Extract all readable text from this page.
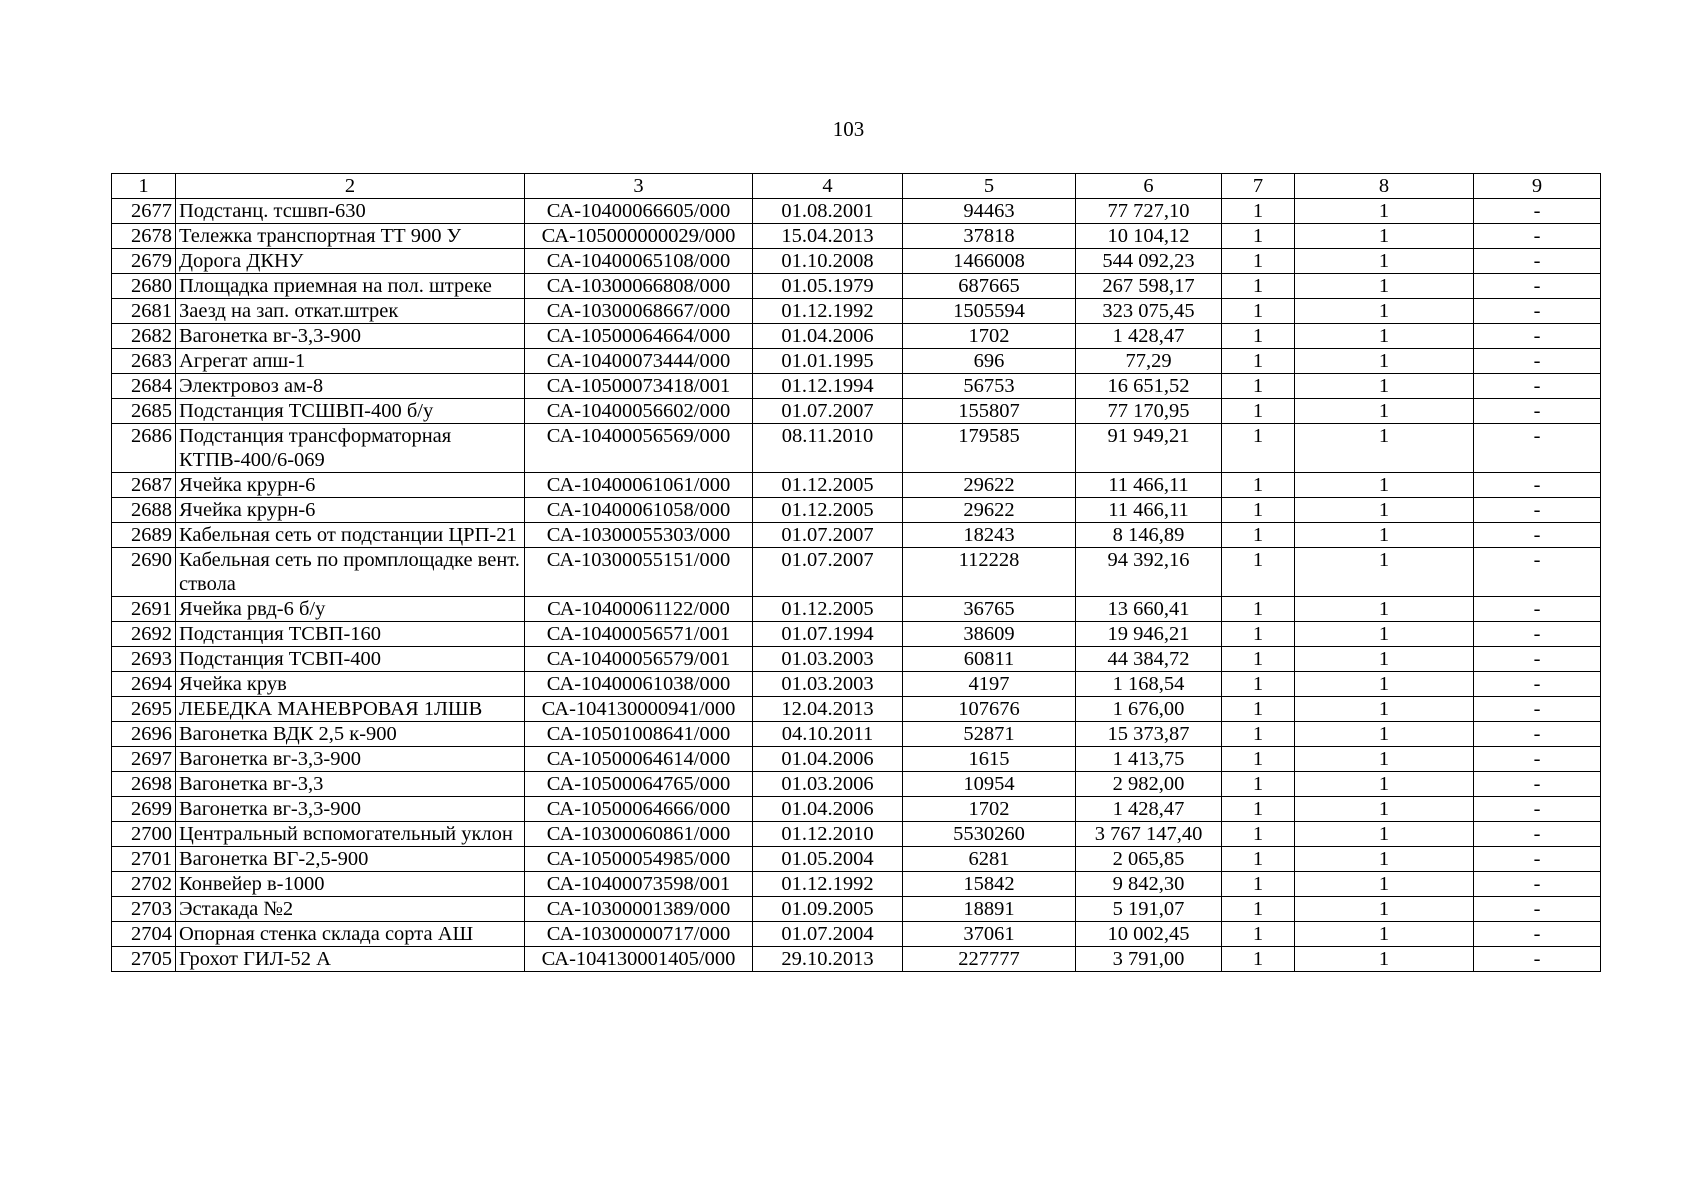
103
1	2	3	4	5	6	7	8	9
2677	Подстанц. тсшвп-630	СА-10400066605/000	01.08.2001	94463	77 727,10	1	1	-
2678	Тележка транспортная ТТ 900 У	СА-105000000029/000	15.04.2013	37818	10 104,12	1	1	-
2679	Дорога ДКНУ	СА-10400065108/000	01.10.2008	1466008	544 092,23	1	1	-
2680	Площадка приемная на пол. штреке	СА-10300066808/000	01.05.1979	687665	267 598,17	1	1	-
2681	Заезд на зап. откат.штрек	СА-10300068667/000	01.12.1992	1505594	323 075,45	1	1	-
2682	Вагонетка вг-3,3-900	СА-10500064664/000	01.04.2006	1702	1 428,47	1	1	-
2683	Агрегат апш-1	СА-10400073444/000	01.01.1995	696	77,29	1	1	-
2684	Электровоз ам-8	СА-10500073418/001	01.12.1994	56753	16 651,52	1	1	-
2685	Подстанция ТСШВП-400 б/у	СА-10400056602/000	01.07.2007	155807	77 170,95	1	1	-
2686	Подстанция трансформаторная КТПВ-400/6-069	СА-10400056569/000	08.11.2010	179585	91 949,21	1	1	-
2687	Ячейка крурн-6	СА-10400061061/000	01.12.2005	29622	11 466,11	1	1	-
2688	Ячейка крурн-6	СА-10400061058/000	01.12.2005	29622	11 466,11	1	1	-
2689	Кабельная сеть от подстанции ЦРП-21	СА-10300055303/000	01.07.2007	18243	8 146,89	1	1	-
2690	Кабельная сеть по промплощадке вент. ствола	СА-10300055151/000	01.07.2007	112228	94 392,16	1	1	-
2691	Ячейка рвд-6 б/у	СА-10400061122/000	01.12.2005	36765	13 660,41	1	1	-
2692	Подстанция ТСВП-160	СА-10400056571/001	01.07.1994	38609	19 946,21	1	1	-
2693	Подстанция ТСВП-400	СА-10400056579/001	01.03.2003	60811	44 384,72	1	1	-
2694	Ячейка крув	СА-10400061038/000	01.03.2003	4197	1 168,54	1	1	-
2695	ЛЕБЕДКА МАНЕВРОВАЯ 1ЛШВ	СА-104130000941/000	12.04.2013	107676	1 676,00	1	1	-
2696	Вагонетка ВДК 2,5 к-900	СА-10501008641/000	04.10.2011	52871	15 373,87	1	1	-
2697	Вагонетка вг-3,3-900	СА-10500064614/000	01.04.2006	1615	1 413,75	1	1	-
2698	Вагонетка вг-3,3	СА-10500064765/000	01.03.2006	10954	2 982,00	1	1	-
2699	Вагонетка вг-3,3-900	СА-10500064666/000	01.04.2006	1702	1 428,47	1	1	-
2700	Центральный вспомогательный уклон	СА-10300060861/000	01.12.2010	5530260	3 767 147,40	1	1	-
2701	Вагонетка ВГ-2,5-900	СА-10500054985/000	01.05.2004	6281	2 065,85	1	1	-
2702	Конвейер в-1000	СА-10400073598/001	01.12.1992	15842	9 842,30	1	1	-
2703	Эстакада №2	СА-10300001389/000	01.09.2005	18891	5 191,07	1	1	-
2704	Опорная стенка склада сорта АШ	СА-10300000717/000	01.07.2004	37061	10 002,45	1	1	-
2705	Грохот ГИЛ-52 А	СА-104130001405/000	29.10.2013	227777	3 791,00	1	1	-
